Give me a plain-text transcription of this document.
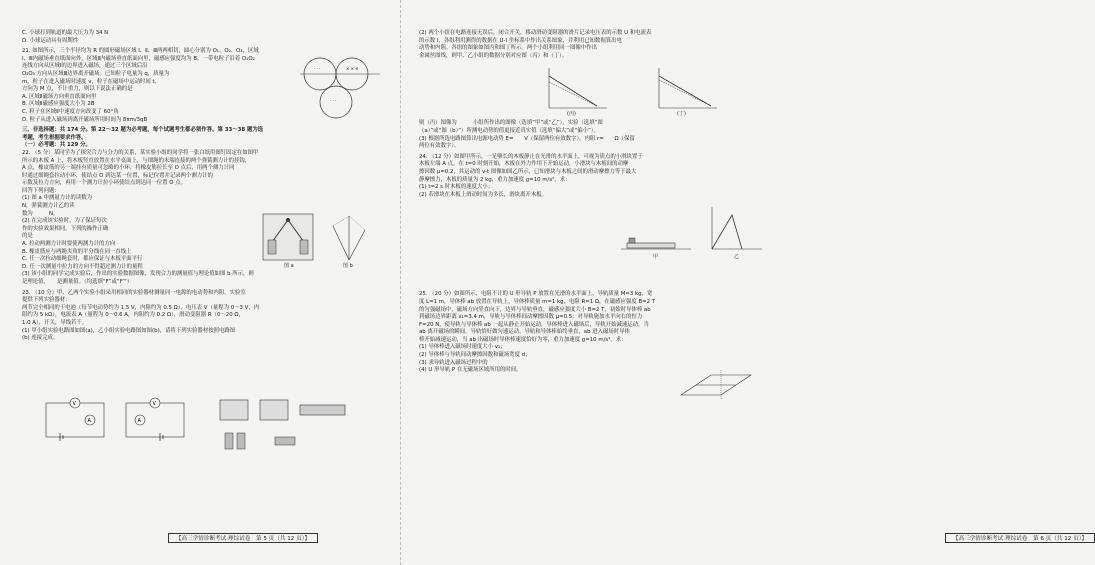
C. 小球打到轨道的最大压力为 34 N
D. 小球运动具有周期性
21. 如图所示，三个半径均为 R 的圆形磁场区域 Ⅰ、Ⅱ、Ⅲ两两相切，圆心分别为 O₁、O₂、O₃，区域
Ⅰ、Ⅲ内磁场垂直纸面向外，区域Ⅱ内磁场垂直纸面向里，磁感应强度均为 B。一带电粒子沿着 O₁O₂
连线方向从区域Ⅰ的边界进入磁场，通过三个区域后沿
O₂O₃ 方向从区域Ⅲ边界离开磁场。已知粒子电量为 q，质量为
m，粒子在进入磁场时速度 v，粒子在磁场中运动时间 t，
方向为 M 点，不计重力，则以下说法正确的是
A. 区域Ⅱ磁场方向垂直纸面向里
B. 区域Ⅱ磁感应强度大小为 2B
C. 粒子在区域Ⅱ中速度方向改变了 60°角
D. 粒子从进入磁场到离开磁场所用时间为 8πm/3qB
三、非选择题：共 174 分。第 22～32 题为必考题，每个试题考生都必须作答。第 33～38 题为选
考题，考生根据要求作答。
（一）必考题：共 129 分。
22. （5 分）某同学为了探究合力与分力的关系，某实验小组的同学将一张白纸用图钉固定在如图甲
所示的木板 A 上，将木板竖直放置在水平桌面上，与细绳的末端连接的两个弹簧测力计的挂钩，
A 点，橡皮筋的另一端挂有质量可忽略的小环，将橡皮筋拉长至 O 点后，用两个测力计同
时通过细绳套拉动小环，使结点 O 到达某一位置，标记位置并记录两个测力计的
示数及拉力方向，再用一个测力计拉小环使结点到达同一位置 O 点。
回答下列问题：
(1) 图 a 中测量力计的读数为
N，弹簧测力计乙的读
数为　　　N。
(2) 在完成该实验时，为了保证每次
作的实验效果相同，下列的操作正确
的是
A. 拉动两测力计时要使两测力计的方向
B. 橡皮筋应与两绳夹角的平分线在同一直线上
C. 任一次拉动细绳套时，都应保证与木板平面平行
D. 任一次测量中拉力的方向不得超过测力计的量程
(3) 该小组的同学完成实验后，作出的实验数据图像，发现合力的测量值与理论值如图 b 所示，则
是理论值，　　是测量值。（均选填“F”或“F′”）
23. （10 分）甲、乙两个实验小组采用相同的实验器材测量同一电源的电动势和内阻，实验室
提供下列实验器材：
两节完全相同的干电池（每节电动势约为 1.5 V，内阻约为 0.5 Ω），电压表 V（量程为 0～3 V，内
阻约为 5 kΩ），电流表 A（量程为 0～0.6 A，内阻约为 0.2 Ω），滑动变阻器 R（0～20 Ω，
1.0 A），开关，导线若干。
(1) 甲小组实验电路图如图(a)，乙小组实验电路图如图(b)，请将下列实验器材按照电路图
(b) 连接完成。
· · ·	× × ×
· · ·
图 a	图 b
V
A
V
A
【高三学情诊断考试·理综试卷　第 5 页（共 12 页）】
(2) 两个小组在电路连接无误后，闭合开关，移动滑动变阻器的滑片记录电压表的示数 U 和电流表
的示数 I，各组利用测得的数据在 U-I 坐标系中作出关系图象，并利用已知数据算出电
动势和内阻。各组的图象如图丙和图丁所示。两个小组利用同一图像中作出
金属丝图线，则甲、乙小组的数据分别对应图（丙）和（丁）。
则（丙）图像为　　　小组所作出的图像（选填“甲”或“乙”），实验（选填“图
（a）”或“图（b）”）所测电动势的值更接近真实值（选填“偏大”或“偏小”）。
(3) 根据所选电路图算出电源电动势 E=　　V（保留两位有效数字），内阻 r=　　Ω（保留
两位有效数字）。
24. （12 分）如图甲所示，一足够长的木板静止在光滑的水平面上，可视为质点的小滑块置于
木板左端 A 点，在 t=0 时刻开始，木板在外力作用下开始运动，小滑块与木板间的动摩
擦因数 μ=0.2，其运动的 v-t 图像如图乙所示，已知滑块与木板之间的滑动摩擦力等于最大
静摩擦力，木板的质量为 2 kg，重力加速度 g=10 m/s²，求：
(1) t=2 s 时木板的速度大小；
(2) 若滑块在木板上滑动时间为多长，滑块离开木板。
25. （20 分）如图所示，电阻不计的 U 形导轨 P 放置在光滑的水平面上，导轨质量 M=3 kg，宽
度 L=1 m，导体棒 ab 放置在导轨上，导体棒质量 m=1 kg，电阻 R=1 Ω，在磁感应强度 B=2 T
的匀强磁场中，磁场方向竖直向下，边界与导轨垂直，磁感应强度大小 B=2 T，初始时导体棒 ab
到磁场边界距离 x₁=3.4 m，导轨与导体棒间动摩擦因数 μ=0.5，对导轨施加水平向右的恒力
F=20 N，使导轨与导体棒 ab 一起从静止开始运动，导体棒进入磁场后，导轨开始减速运动，当
ab 离开磁场的瞬间，导轨恰好做匀速运动，导轨和导体棒始终垂直，ab 进入磁场时导体
棒开始减速运动，当 ab 出磁场时导体棒速度恰好为零，重力加速度 g=10 m/s²。求：
(1) 导体棒进入磁场时速度大小 v₁；
(2) 导体棒与导轨间动摩擦因数和磁场宽度 d；
(3) 求导轨进入磁场过程中的
(4) U 形导轨 P 在无磁场区域所用的时间。
(丙)	(丁)
甲	乙
【高三学情诊断考试·理综试卷　第 6 页（共 12 页）】
